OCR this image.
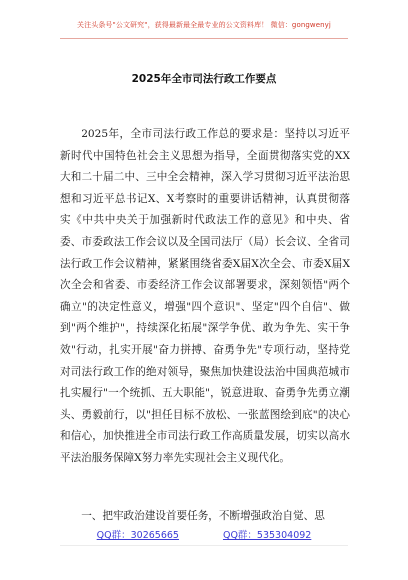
关注头条号"公文研究"，获得最新最全最专业的公文资料库！ 微信：gongwenyj
2025年全市司法行政工作要点

2025年，全市司法行政工作总的要求是：坚持以习近平新时代中国特色社会主义思想为指导，全面贯彻落实党的XX大和二十届二中、三中全会精神，深入学习贯彻习近平法治思想和习近平总书记X、X考察时的重要讲话精神，认真贯彻落实《中共中央关于加强新时代政法工作的意见》和中央、省委、市委政法工作会议以及全国司法厅（局）长会议、全省司法行政工作会议精神，紧紧围绕省委X届X次全会、市委X届X次全会和省委、市委经济工作会议部署要求，深刻领悟"两个确立"的决定性意义，增强"四个意识"、坚定"四个自信"、做到"两个维护"，持续深化拓展"深学争优、敢为争先、实干争效"行动，扎实开展"奋力拼搏、奋勇争先"专项行动，坚持党对司法行政工作的绝对领导，聚焦加快建设法治中国典范城市扎实履行"一个统抓、五大职能"，锐意进取、奋勇争先勇立潮头、勇毅前行，以"担任目标不放松、一张蓝图绘到底"的决心和信心，加快推进全市司法行政工作高质量发展，切实以高水平法治服务保障X努力率先实现社会主义现代化。

一、把牢政治建设首要任务，不断增强政治自觉、思

QQ群：30265665	QQ群：535304092
